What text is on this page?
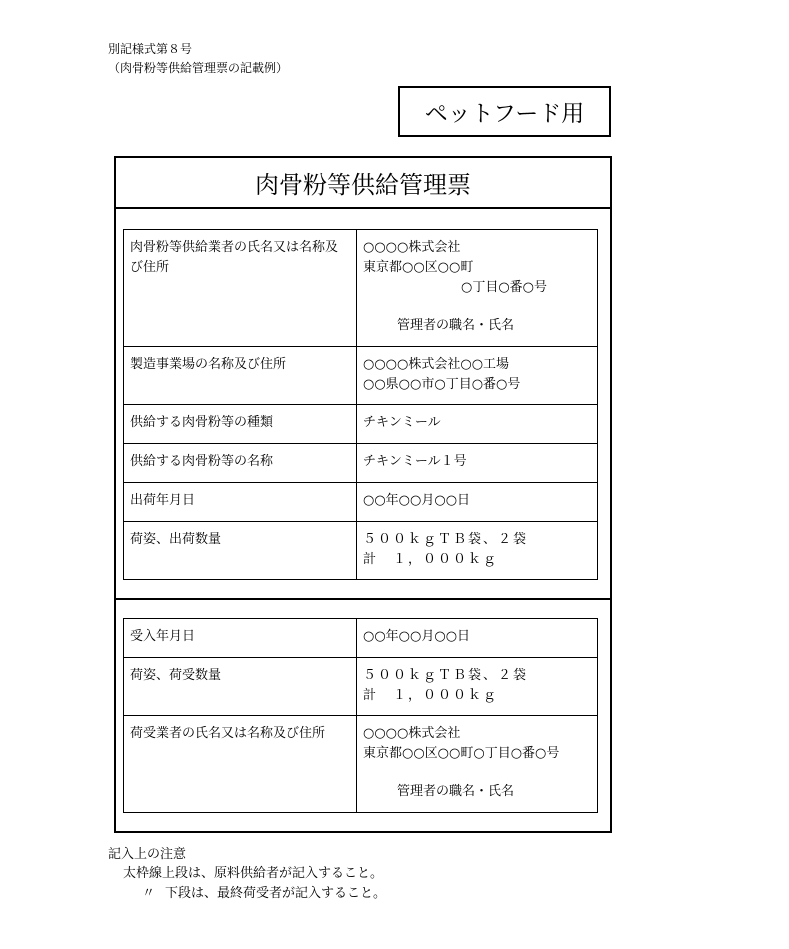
別記様式第８号
（肉骨粉等供給管理票の記載例）
ペットフード用
肉骨粉等供給管理票
肉骨粉等供給業者の氏名又は名称及び住所	○○○○株式会社
東京都○○区○○町
○丁目○番○号
管理者の職名・氏名

製造事業場の名称及び住所	○○○○株式会社○○工場
○○県○○市○丁目○番○号

供給する肉骨粉等の種類	チキンミール

供給する肉骨粉等の名称	チキンミール１号

出荷年月日	○○年○○月○○日

荷姿、出荷数量	５００ｋｇＴＢ袋、２袋
計　１，０００ｋｇ
受入年月日	○○年○○月○○日

荷姿、荷受数量	５００ｋｇＴＢ袋、２袋
計　１，０００ｋｇ

荷受業者の氏名又は名称及び住所	○○○○株式会社
東京都○○区○○町○丁目○番○号
管理者の職名・氏名
記入上の注意
太枠線上段は、原料供給者が記入すること。
〃 下段は、最終荷受者が記入すること。
